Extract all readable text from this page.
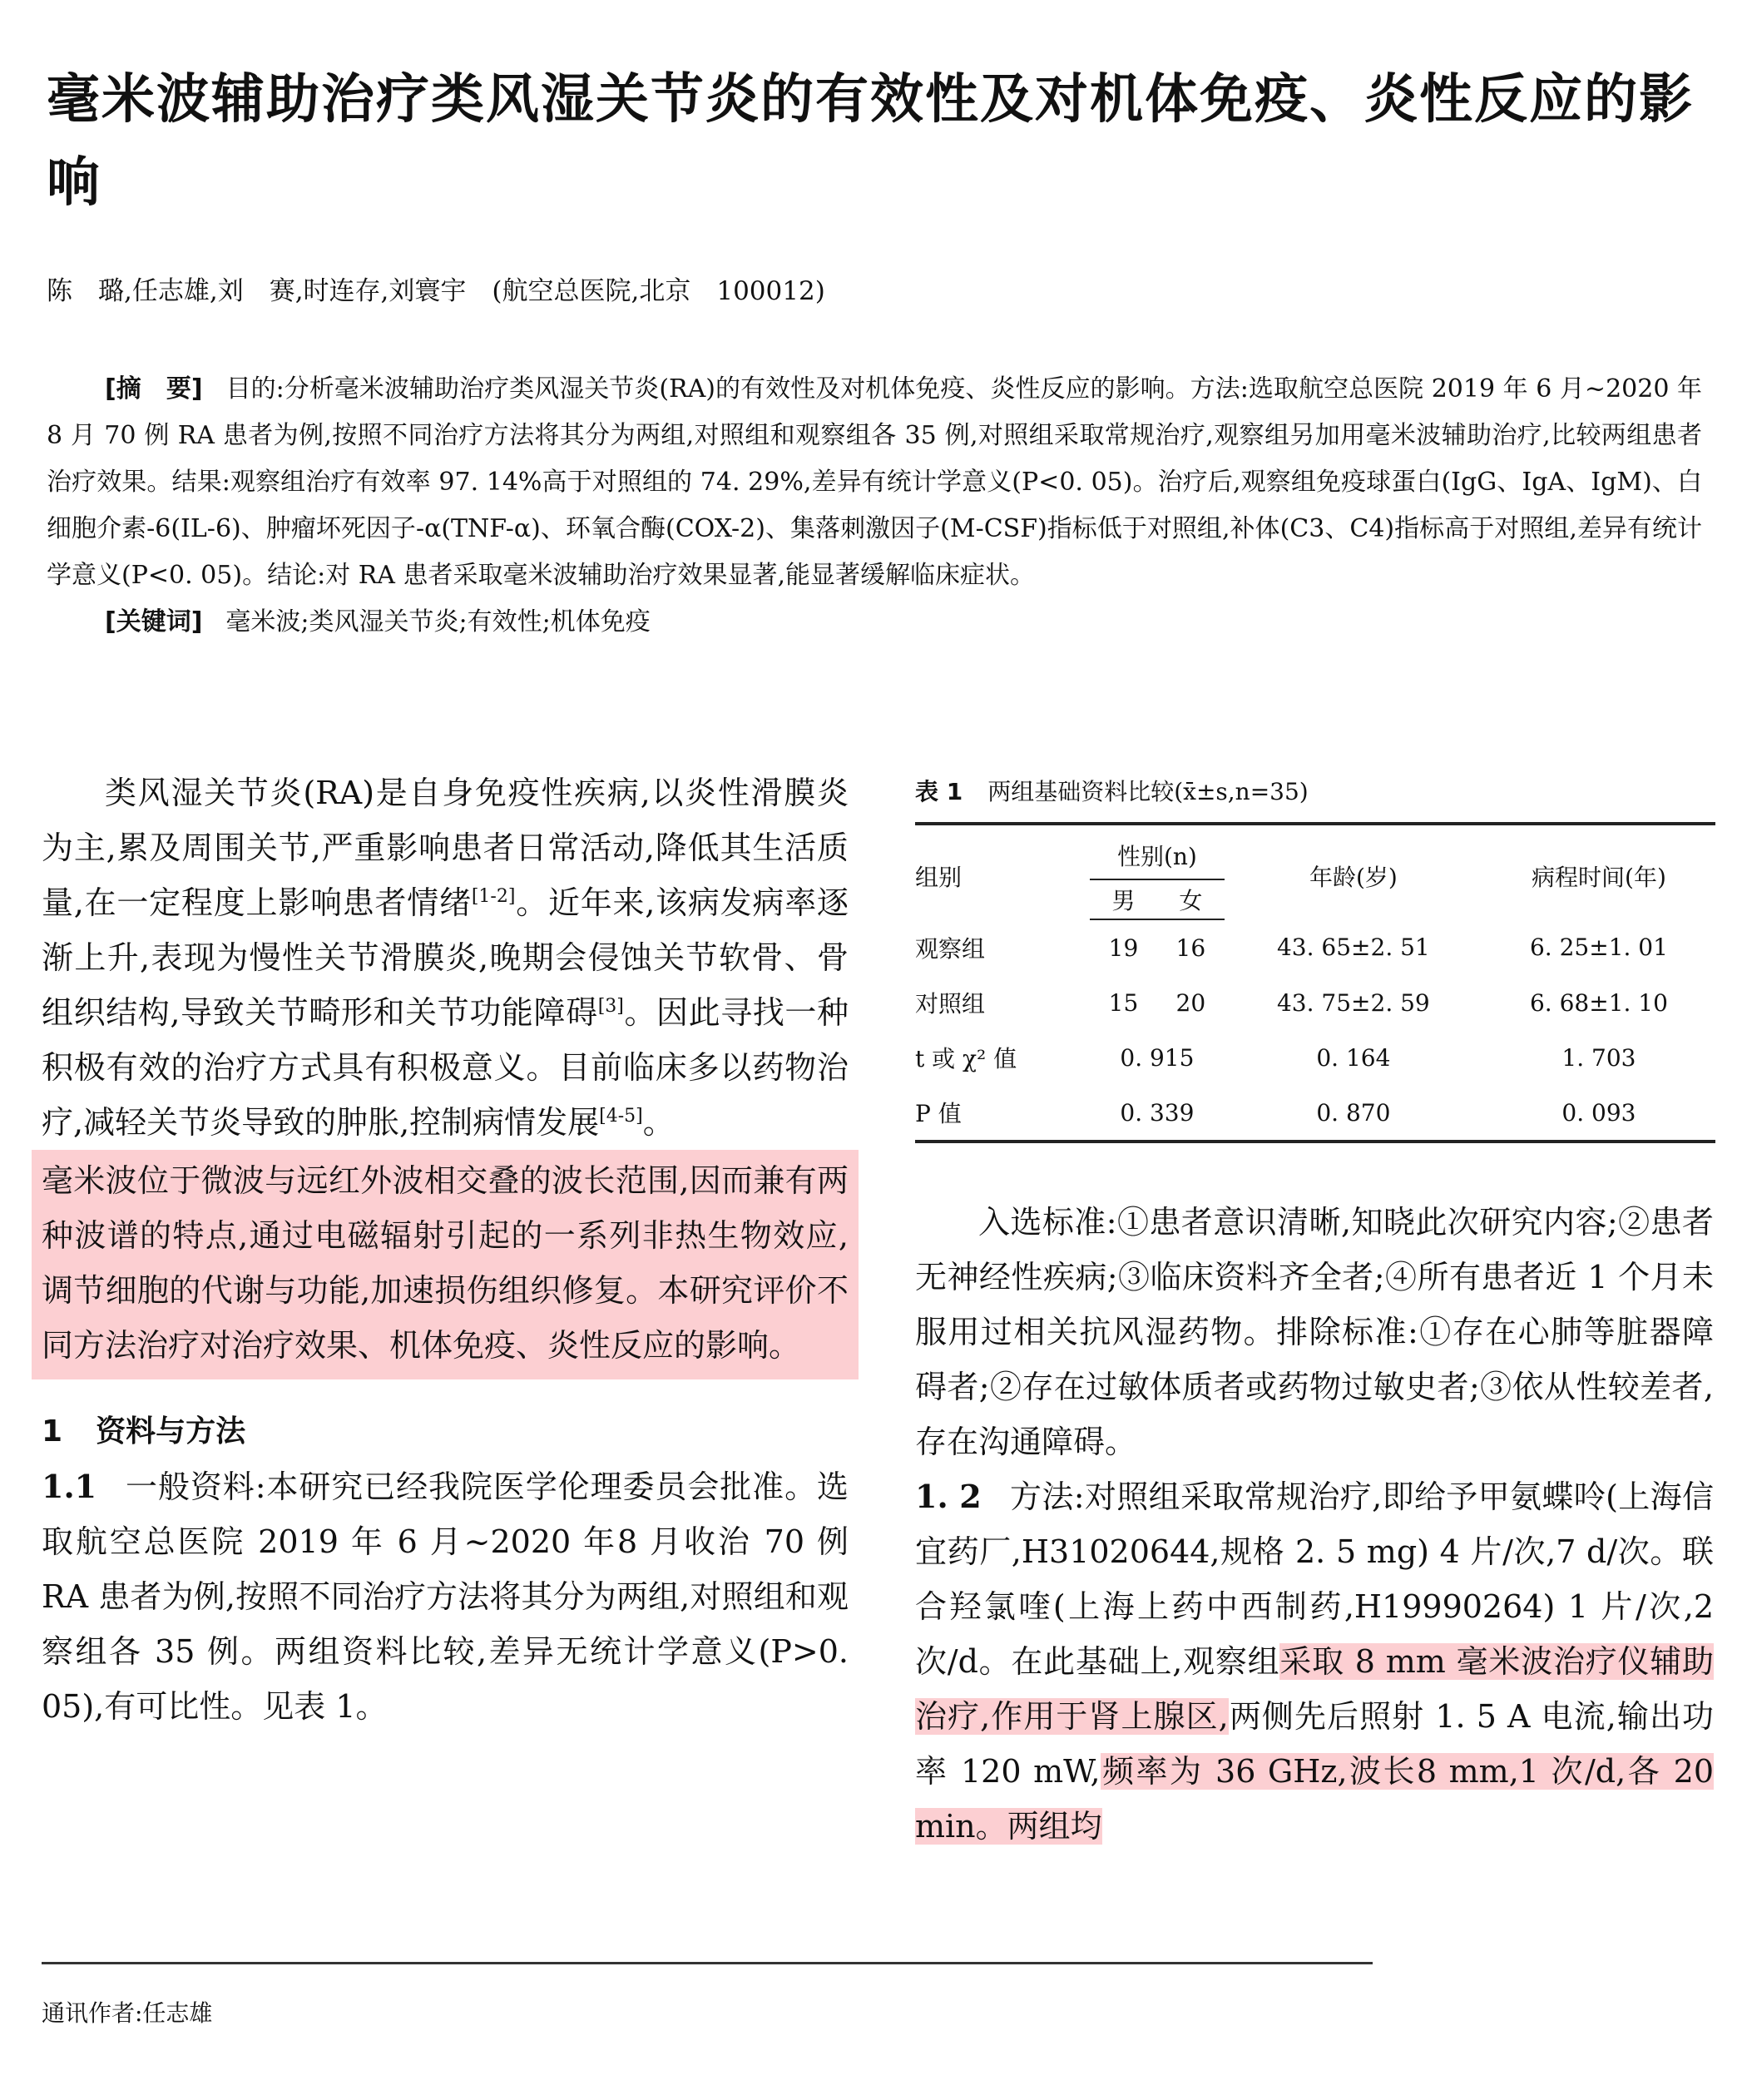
毫米波辅助治疗类风湿关节炎的有效性及对机体免疫、炎性反应的影响
陈　璐,任志雄,刘　赛,时连存,刘寰宇　(航空总医院,北京　100012)

[摘　要] 目的:分析毫米波辅助治疗类风湿关节炎(RA)的有效性及对机体免疫、炎性反应的影响。方法:选取航空总医院 2019 年 6 月~2020 年 8 月 70 例 RA 患者为例,按照不同治疗方法将其分为两组,对照组和观察组各 35 例,对照组采取常规治疗,观察组另加用毫米波辅助治疗,比较两组患者治疗效果。结果:观察组治疗有效率 97. 14%高于对照组的 74. 29%,差异有统计学意义(P<0. 05)。治疗后,观察组免疫球蛋白(IgG、IgA、IgM)、白细胞介素-6(IL-6)、肿瘤坏死因子-α(TNF-α)、环氧合酶(COX-2)、集落刺激因子(M-CSF)指标低于对照组,补体(C3、C4)指标高于对照组,差异有统计学意义(P<0. 05)。结论:对 RA 患者采取毫米波辅助治疗效果显著,能显著缓解临床症状。

[关键词] 毫米波;类风湿关节炎;有效性;机体免疫

类风湿关节炎(RA)是自身免疫性疾病,以炎性滑膜炎为主,累及周围关节,严重影响患者日常活动,降低其生活质量,在一定程度上影响患者情绪[1-2]。近年来,该病发病率逐渐上升,表现为慢性关节滑膜炎,晚期会侵蚀关节软骨、骨组织结构,导致关节畸形和关节功能障碍[3]。因此寻找一种积极有效的治疗方式具有积极意义。目前临床多以药物治疗,减轻关节炎导致的肿胀,控制病情发展[4-5]。

毫米波位于微波与远红外波相交叠的波长范围,因而兼有两种波谱的特点,通过电磁辐射引起的一系列非热生物效应,调节细胞的代谢与功能,加速损伤组织修复。本研究评价不同方法治疗对治疗效果、机体免疫、炎性反应的影响。

1 资料与方法

1.1 一般资料:本研究已经我院医学伦理委员会批准。选取航空总医院 2019 年 6 月~2020 年8 月收治 70 例 RA 患者为例,按照不同治疗方法将其分为两组,对照组和观察组各 35 例。两组资料比较,差异无统计学意义(P>0. 05),有可比性。见表 1。

表 1 两组基础资料比较(x̄±s,n=35)
组别	性别(n)		年龄(岁)	病程时间(年)
	男	女		
观察组	19	16	43. 65±2. 51	6. 25±1. 01
对照组	15	20	43. 75±2. 59	6. 68±1. 10
t 或 χ² 值	0. 915		0. 164	1. 703
P 值	0. 339		0. 870	0. 093

入选标准:①患者意识清晰,知晓此次研究内容;②患者无神经性疾病;③临床资料齐全者;④所有患者近 1 个月未服用过相关抗风湿药物。排除标准:①存在心肺等脏器障碍者;②存在过敏体质者或药物过敏史者;③依从性较差者,存在沟通障碍。

1. 2 方法:对照组采取常规治疗,即给予甲氨蝶呤(上海信宜药厂,H31020644,规格 2. 5 mg) 4 片/次,7 d/次。联合羟氯喹(上海上药中西制药,H19990264) 1 片/次,2 次/d。在此基础上,观察组采取 8 mm 毫米波治疗仪辅助治疗,作用于肾上腺区,两侧先后照射 1. 5 A 电流,输出功率 120 mW,频率为 36 GHz,波长8 mm,1 次/d,各 20 min。两组均

通讯作者:任志雄
